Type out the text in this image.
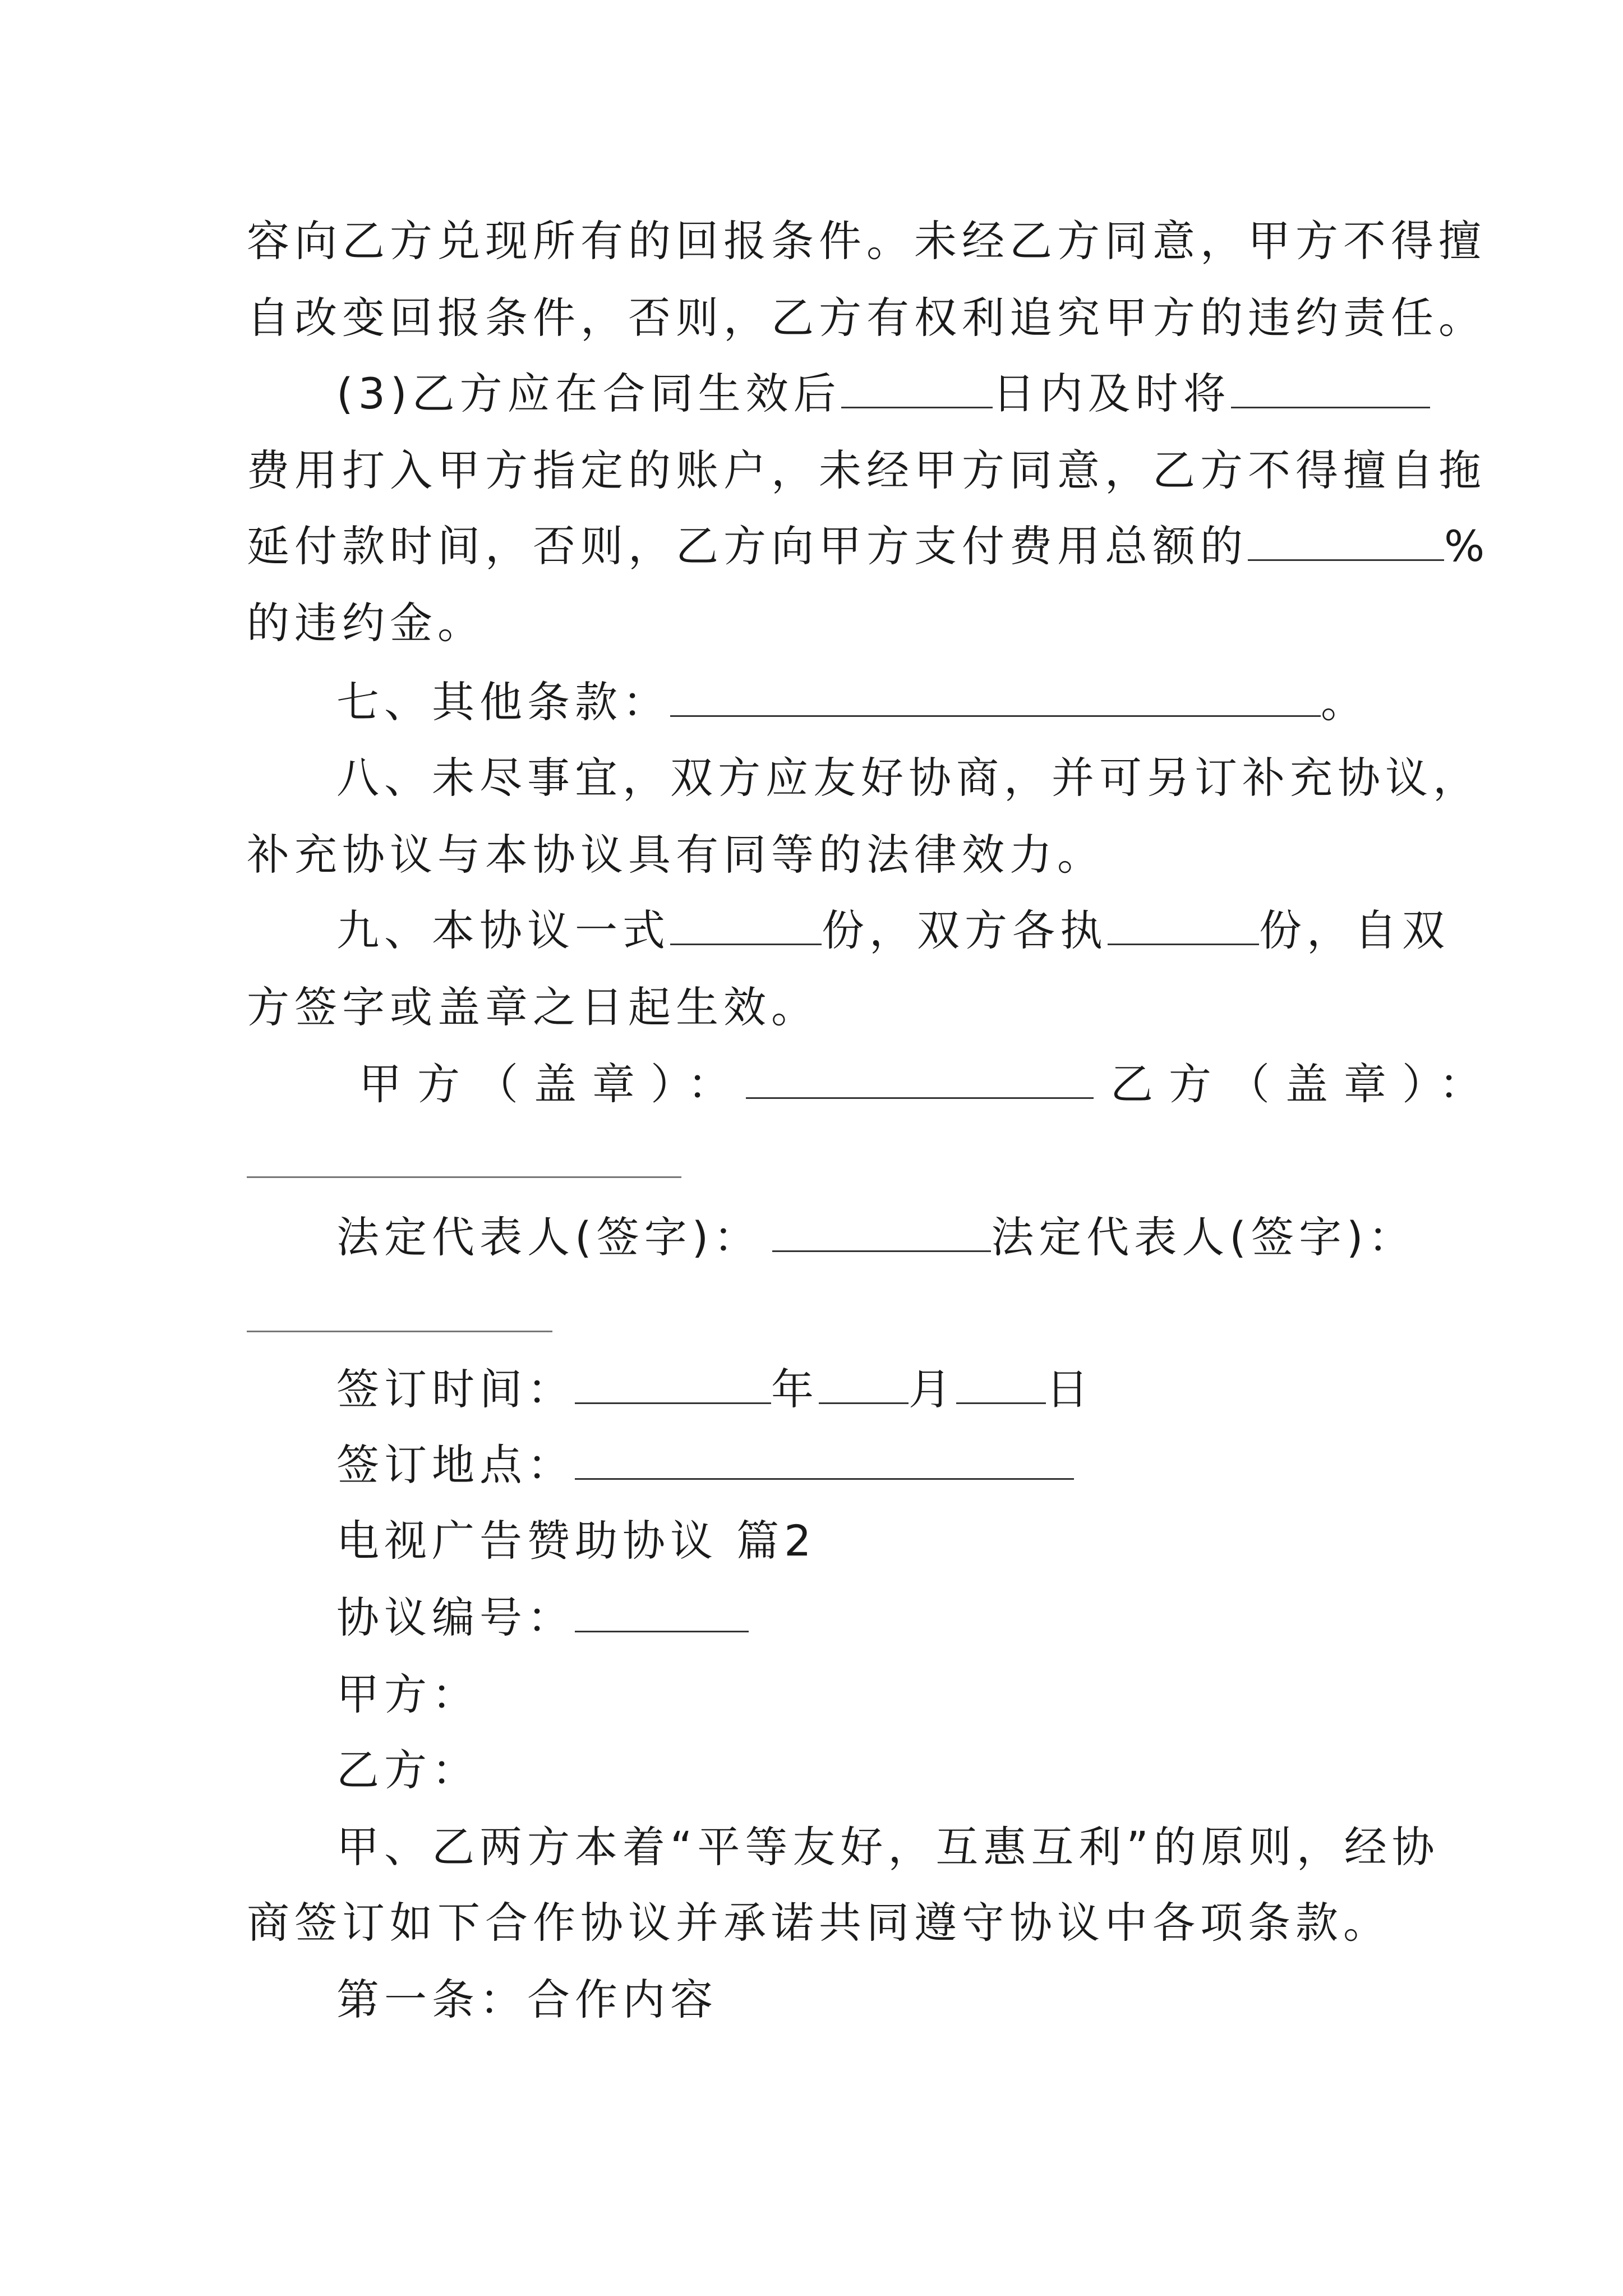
容向乙方兑现所有的回报条件。未经乙方同意，甲方不得擅
自改变回报条件，否则，乙方有权利追究甲方的违约责任。
(3)乙方应在合同生效后	日内及时将
费用打入甲方指定的账户，未经甲方同意，乙方不得擅自拖
延付款时间，否则，乙方向甲方支付费用总额的	%
的违约金。
七、其他条款：	。
八、未尽事宜，双方应友好协商，并可另订补充协议，
补充协议与本协议具有同等的法律效力。
九、本协议一式	份，双方各执	份，自双
方签字或盖章之日起生效。
甲方（盖章）：	乙方（盖章）：
法定代表人(签字)：	法定代表人(签字)：
签订时间：	年 月 日
签订地点：
电视广告赞助协议 篇2
协议编号：
甲方：
乙方：
甲、乙两方本着“平等友好，互惠互利”的原则，经协
商签订如下合作协议并承诺共同遵守协议中各项条款。
第一条：合作内容
